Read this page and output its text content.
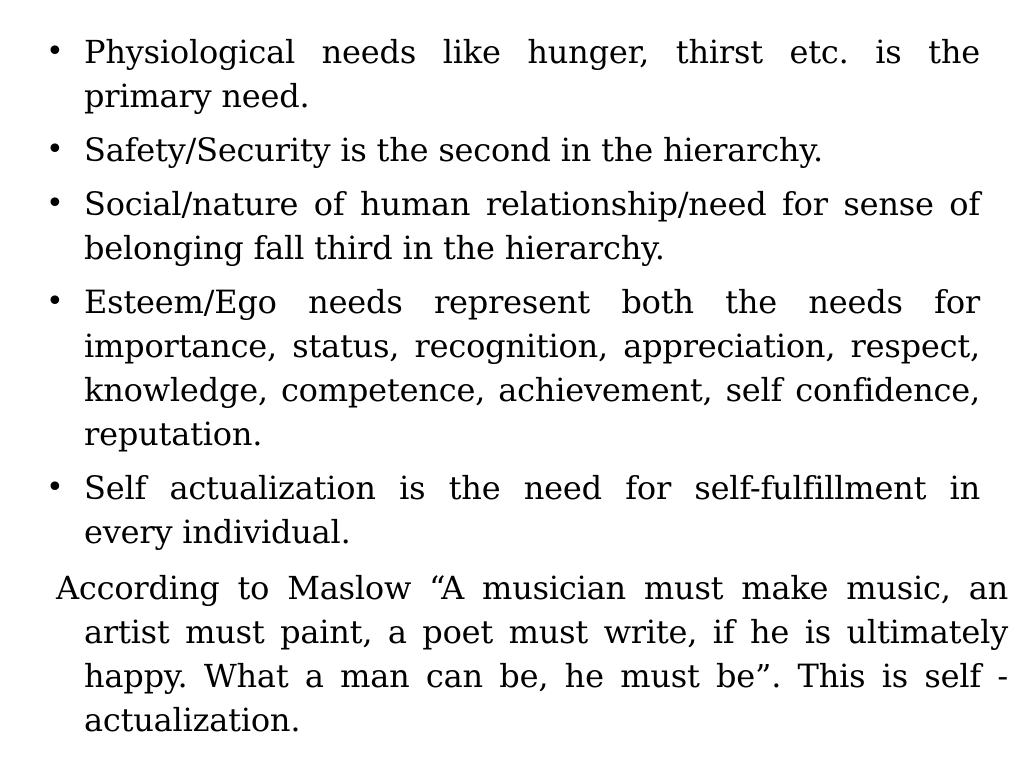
• Physiological needs like hunger, thirst etc. is the primary need.
• Safety/Security is the second in the hierarchy.
• Social/nature of human relationship/need for sense of belonging fall third in the hierarchy.
• Esteem/Ego needs represent both the needs for importance, status, recognition, appreciation, respect, knowledge, competence, achievement, self confidence, reputation.
• Self actualization is the need for self-fulfillment in every individual.

According to Maslow “A musician must make music, an artist must paint, a poet must write, if he is ultimately happy. What a man can be, he must be”. This is self -actualization.
